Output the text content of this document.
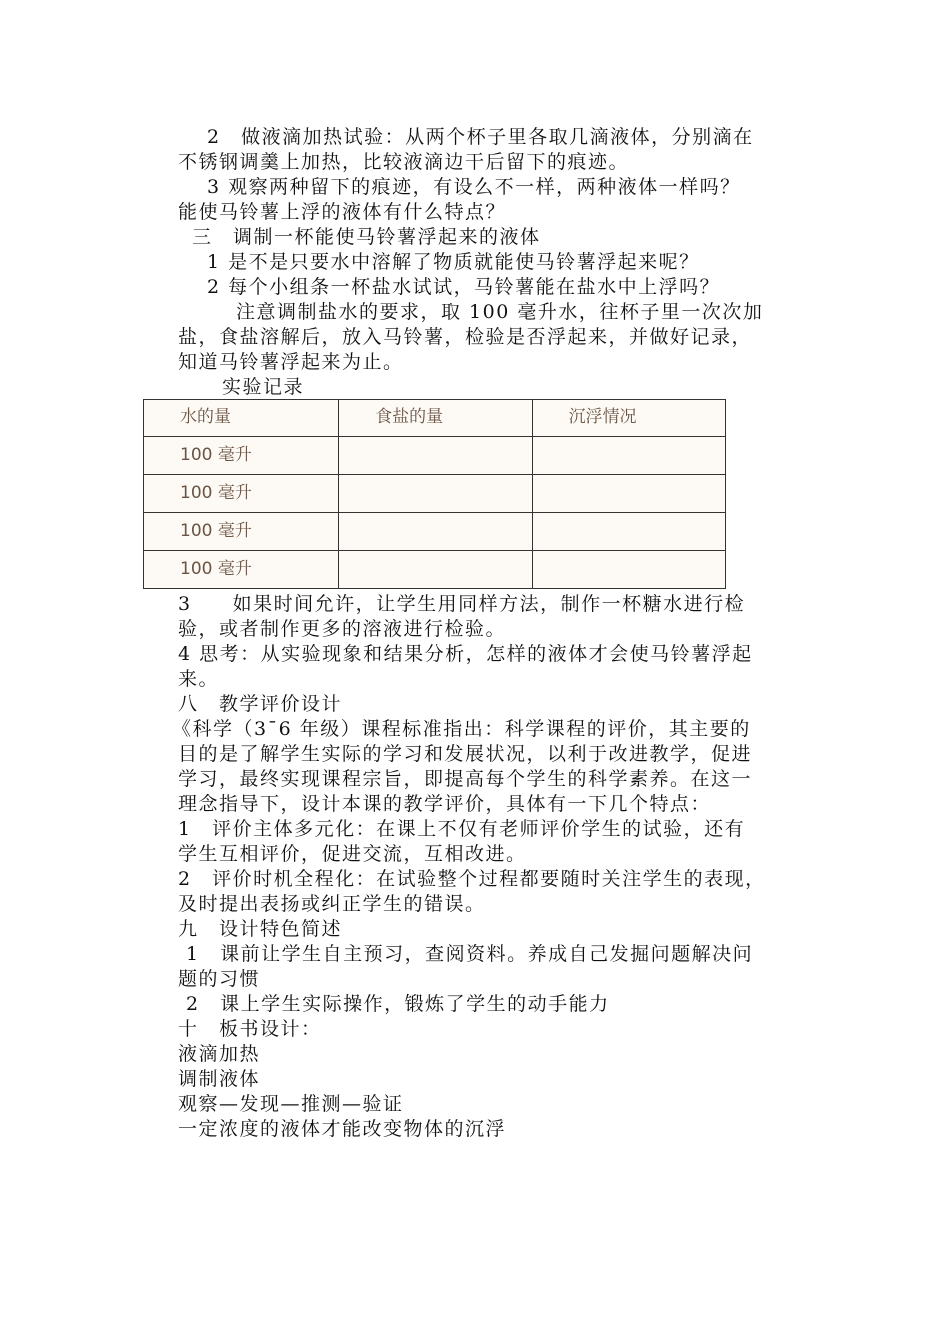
2　做液滴加热试验：从两个杯子里各取几滴液体，分别滴在
不锈钢调羹上加热，比较液滴边干后留下的痕迹。
3 观察两种留下的痕迹，有设么不一样，两种液体一样吗？
能使马铃薯上浮的液体有什么特点？
三　调制一杯能使马铃薯浮起来的液体
1 是不是只要水中溶解了物质就能使马铃薯浮起来呢？
2 每个小组条一杯盐水试试，马铃薯能在盐水中上浮吗？
注意调制盐水的要求，取 100 毫升水，往杯子里一次次加
盐，食盐溶解后，放入马铃薯，检验是否浮起来，并做好记录，
知道马铃薯浮起来为止。
实验记录
水的量	食盐的量	沉浮情况
100 毫升		
100 毫升		
100 毫升		
100 毫升		
3　　如果时间允许，让学生用同样方法，制作一杯糖水进行检
验，或者制作更多的溶液进行检验。
4 思考：从实验现象和结果分析，怎样的液体才会使马铃薯浮起
来。
八　教学评价设计
《科学（3¯6 年级）课程标准指出：科学课程的评价，其主要的
目的是了解学生实际的学习和发展状况，以利于改进教学，促进
学习，最终实现课程宗旨，即提高每个学生的科学素养。在这一
理念指导下，设计本课的教学评价，具体有一下几个特点：
1　评价主体多元化：在课上不仅有老师评价学生的试验，还有
学生互相评价，促进交流，互相改进。
2　评价时机全程化：在试验整个过程都要随时关注学生的表现，
及时提出表扬或纠正学生的错误。
九　设计特色简述
1　课前让学生自主预习，查阅资料。养成自己发掘问题解决问
题的习惯
2　课上学生实际操作，锻炼了学生的动手能力
十　板书设计：
液滴加热
调制液体
观察—发现—推测—验证
一定浓度的液体才能改变物体的沉浮
